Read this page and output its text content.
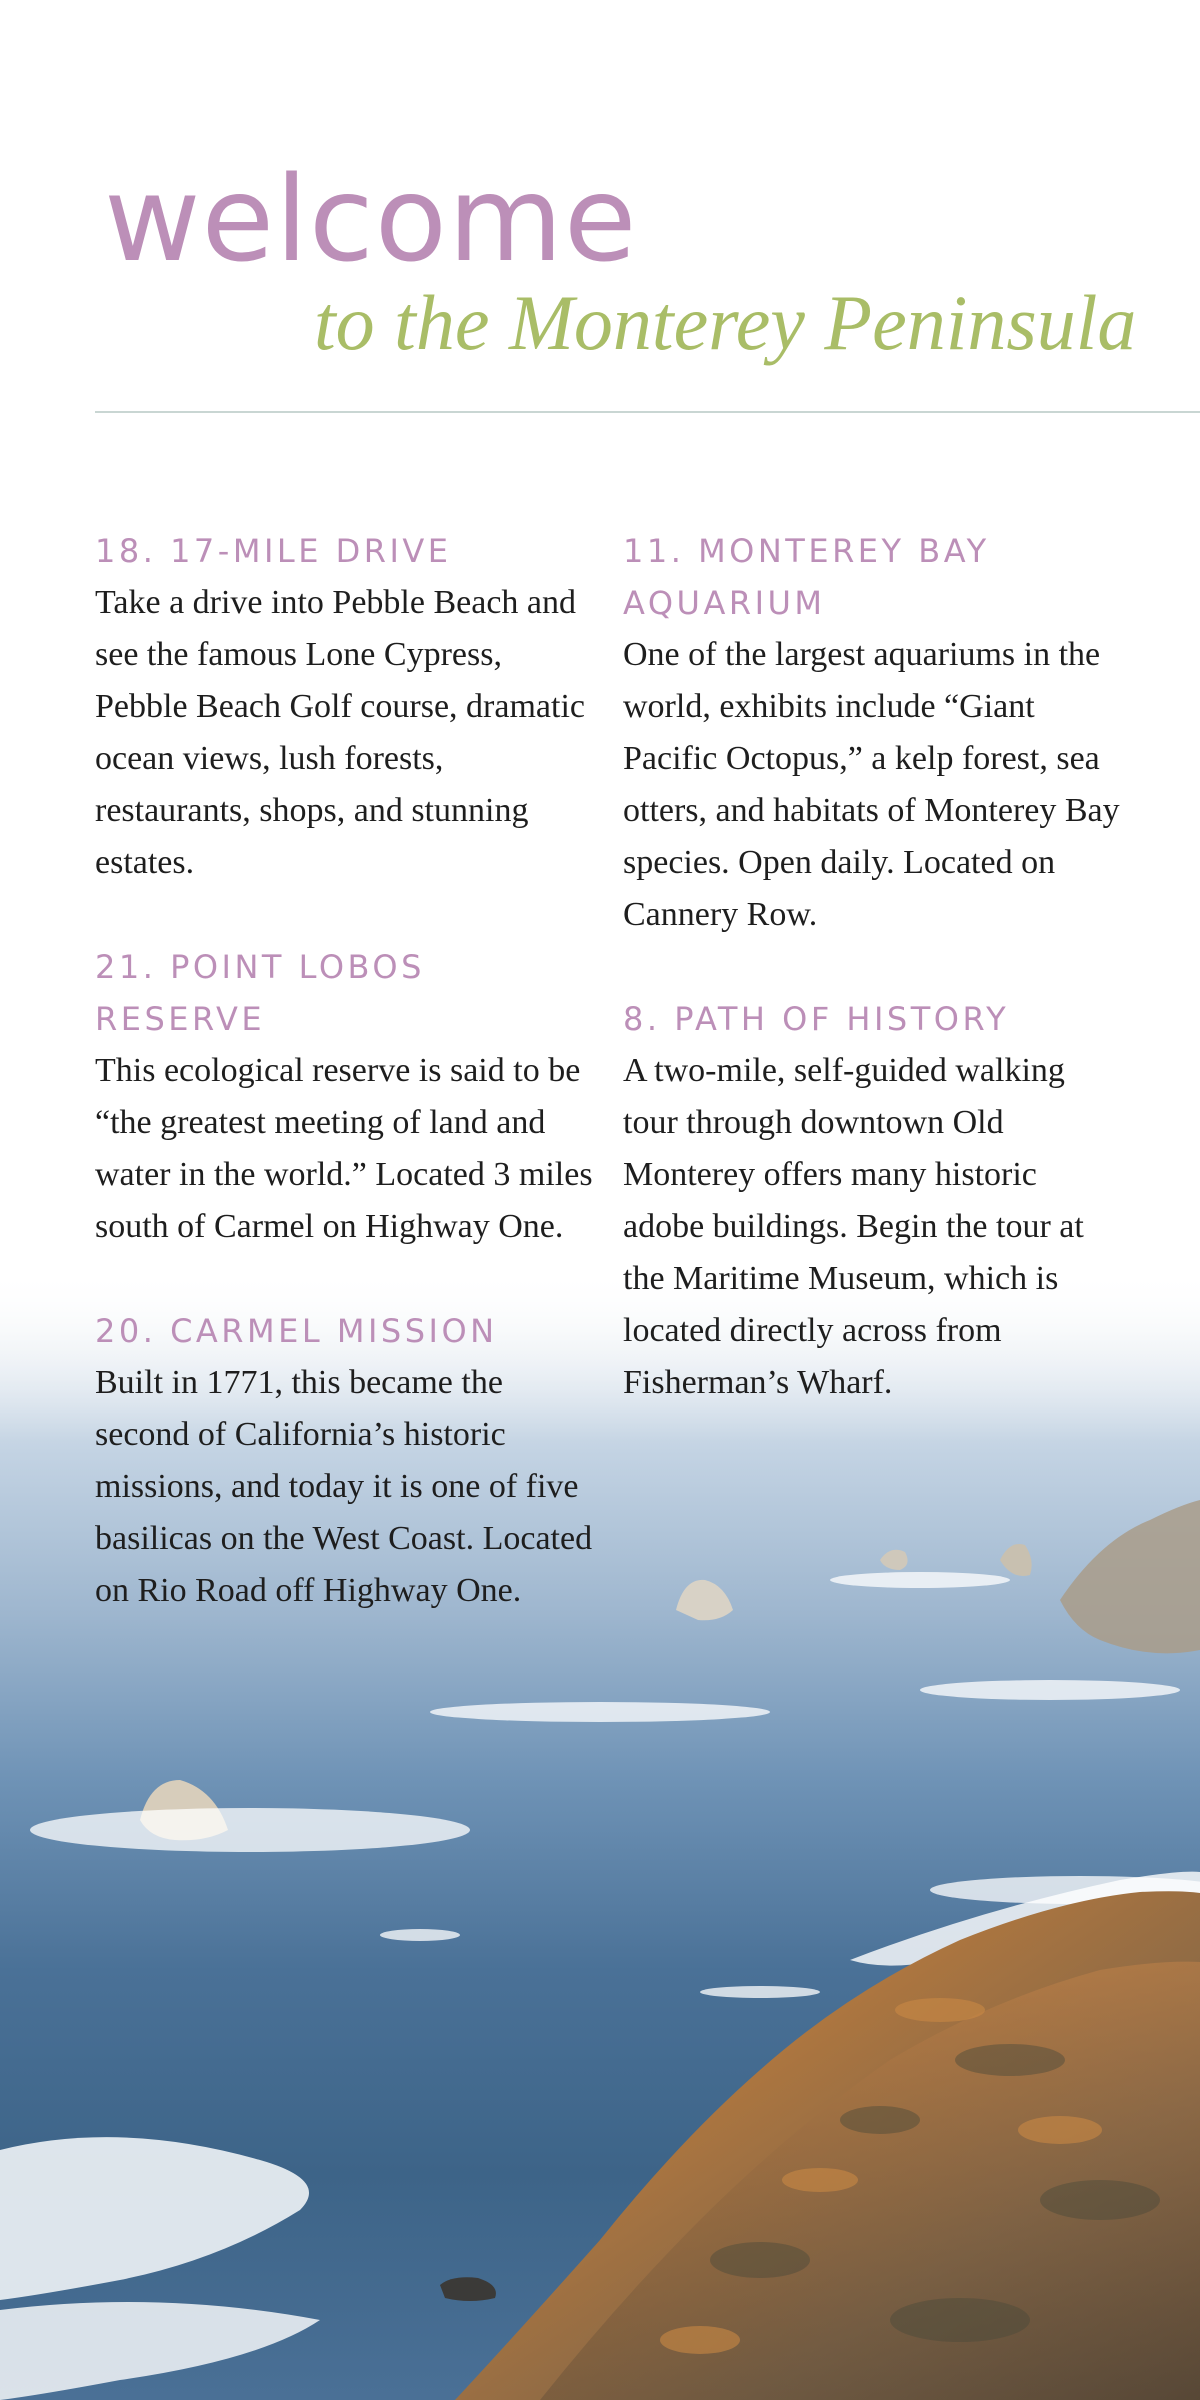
welcome
to the Monterey Peninsula

18. 17-MILE DRIVE

Take a drive into Pebble Beach and see the famous Lone Cypress, Pebble Beach Golf course, dramatic ocean views, lush forests, restaurants, shops, and stunning estates.

21. POINT LOBOS RESERVE

This ecological reserve is said to be “the greatest meeting of land and water in the world.” Located 3 miles south of Carmel on Highway One.

20. CARMEL MISSION

Built in 1771, this became the second of California’s historic missions, and today it is one of five basilicas on the West Coast. Located on Rio Road off Highway One.

11. MONTEREY BAY AQUARIUM

One of the largest aquariums in the world, exhibits include “Giant Pacific Octopus,” a kelp forest, sea otters, and habitats of Monterey Bay species. Open daily. Located on Cannery Row.

8. PATH OF HISTORY

A two-mile, self-guided walking tour through downtown Old Monterey offers many historic adobe buildings. Begin the tour at the Maritime Museum, which is located directly across from Fisherman’s Wharf.
